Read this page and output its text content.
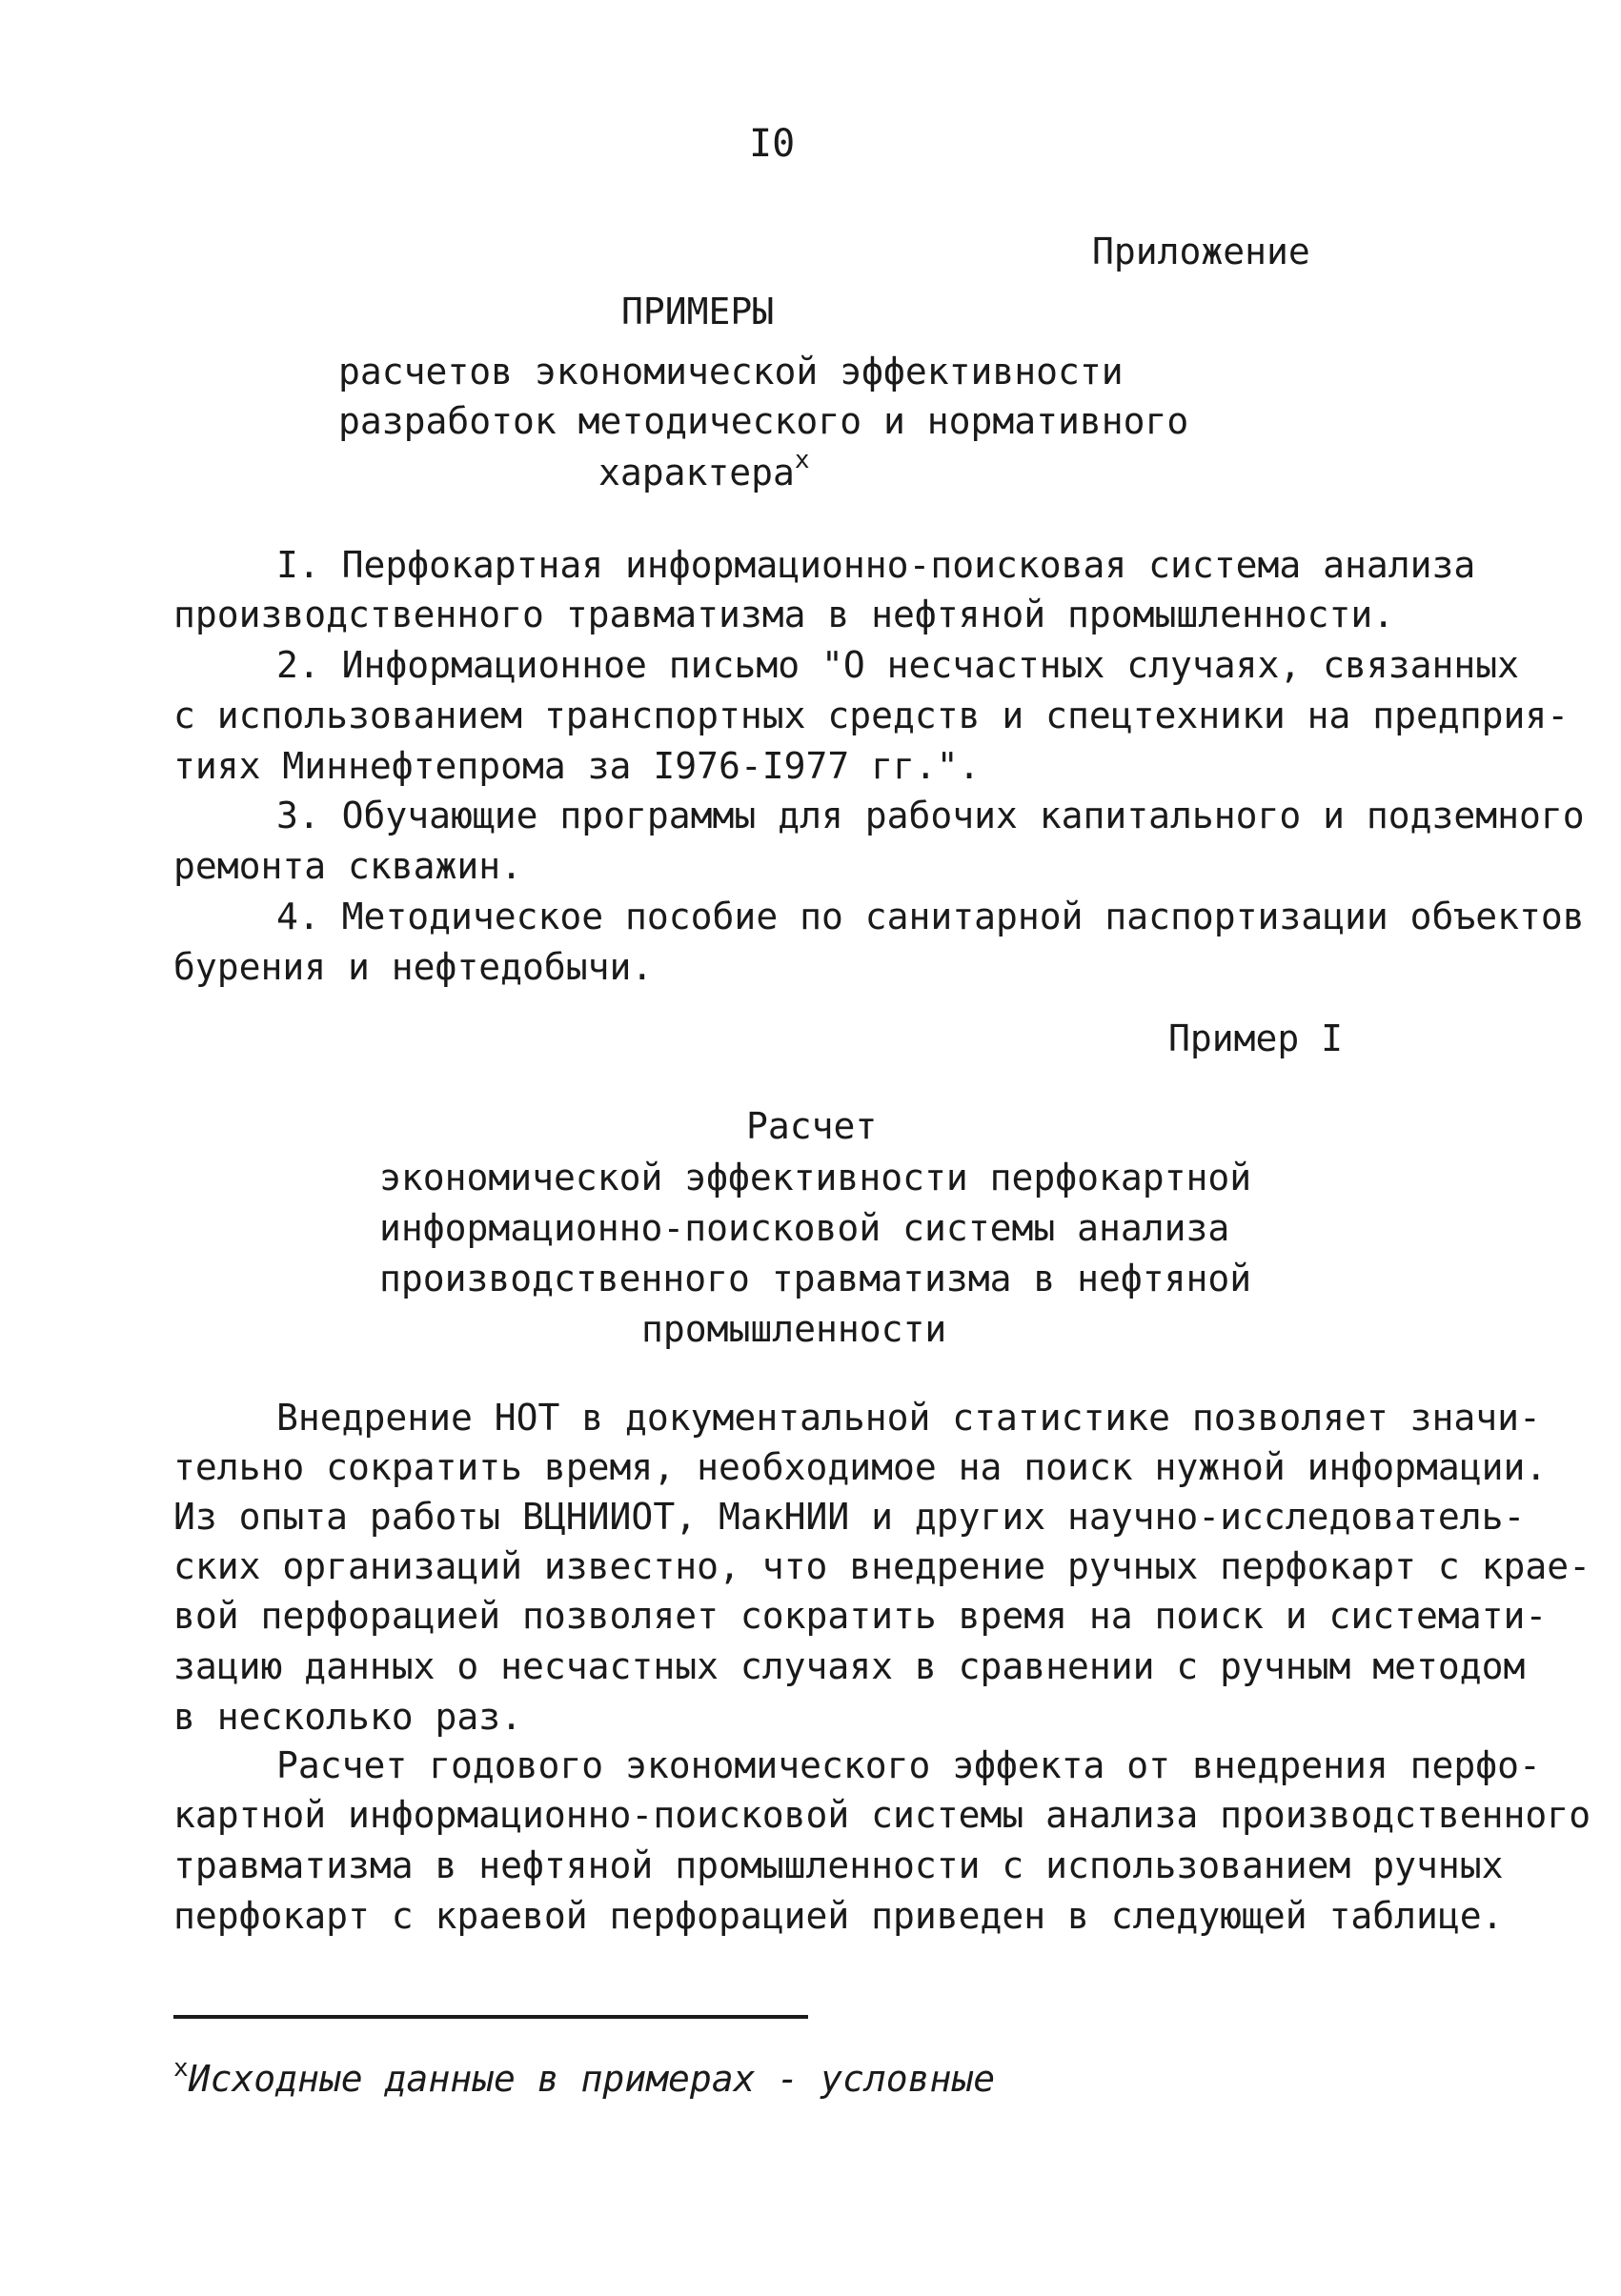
I0
Приложение
ПРИМЕРЫ
расчетов экономической эффективности
разработок методического и нормативного
характера$^x$
I. Перфокартная информационно-поисковая система анализа
производственного травматизма в нефтяной промышленности.
2. Информационное письмо "О несчастных случаях, связанных
с использованием транспортных средств и спецтехники на предприя-
тиях Миннефтепрома за I976-I977 гг.".
3. Обучающие программы для рабочих капитального и подземного
ремонта скважин.
4. Методическое пособие по санитарной паспортизации объектов
бурения и нефтедобычи.
Пример I
Расчет
экономической эффективности перфокартной
информационно-поисковой системы анализа
производственного травматизма в нефтяной
промышленности
Внедрение НОТ в документальной статистике позволяет значи-
тельно сократить время, необходимое на поиск нужной информации.
Из опыта работы ВЦНИИОТ, МакНИИ и других научно-исследователь-
ских организаций известно, что внедрение ручных перфокарт с крае-
вой перфорацией позволяет сократить время на поиск и системати-
зацию данных о несчастных случаях в сравнении с ручным методом
в несколько раз.
Расчет годового экономического эффекта от внедрения перфо-
картной информационно-поисковой системы анализа производственного
травматизма в нефтяной промышленности с использованием ручных
перфокарт с краевой перфорацией приведен в следующей таблице.
$^x$Исходные данные в примерах - условные
